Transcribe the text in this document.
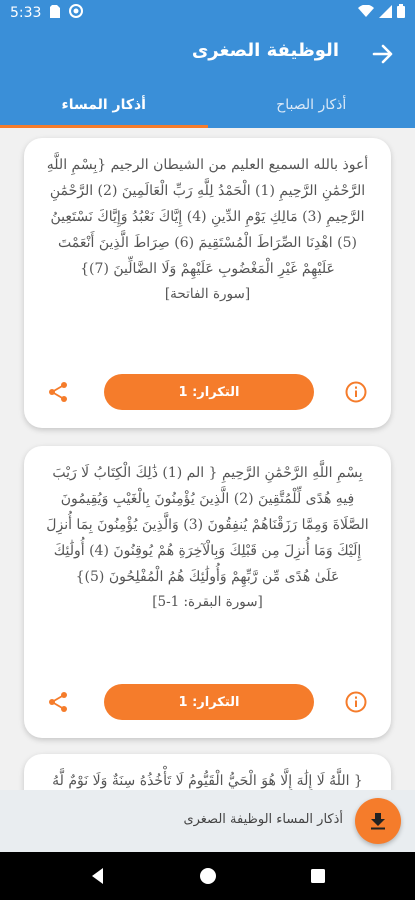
5:33
الوظيفة الصغرى
أذكار الصباح
أذكار المساء
أعوذ بالله السميع العليم من الشيطان الرجيم {بِسْمِ اللَّهِ الرَّحْمَٰنِ الرَّحِيمِ (1) الْحَمْدُ لِلَّهِ رَبِّ الْعَالَمِينَ (2) الرَّحْمَٰنِ الرَّحِيمِ (3) مَالِكِ يَوْمِ الدِّينِ (4) إِيَّاكَ نَعْبُدُ وَإِيَّاكَ نَسْتَعِينُ (5) اهْدِنَا الصِّرَاطَ الْمُسْتَقِيمَ (6) صِرَاطَ الَّذِينَ أَنْعَمْتَ عَلَيْهِمْ غَيْرِ الْمَغْضُوبِ عَلَيْهِمْ وَلَا الضَّالِّينَ (7)}
[سورة الفاتحة]
التكرار: 1
بِسْمِ اللَّهِ الرَّحْمَٰنِ الرَّحِيمِ { الم (1) ذَٰلِكَ الْكِتَابُ لَا رَيْبَ فِيهِ هُدًى لِّلْمُتَّقِينَ (2) الَّذِينَ يُؤْمِنُونَ بِالْغَيْبِ وَيُقِيمُونَ الصَّلَاةَ وَمِمَّا رَزَقْنَاهُمْ يُنفِقُونَ (3) وَالَّذِينَ يُؤْمِنُونَ بِمَا أُنزِلَ إِلَيْكَ وَمَا أُنزِلَ مِن قَبْلِكَ وَبِالْآخِرَةِ هُمْ يُوقِنُونَ (4) أُولَٰئِكَ عَلَىٰ هُدًى مِّن رَّبِّهِمْ وَأُولَٰئِكَ هُمُ الْمُفْلِحُونَ (5)}
[سورة البقرة: 1-5]
التكرار: 1
{ اللَّهُ لَا إِلَٰهَ إِلَّا هُوَ الْحَيُّ الْقَيُّومُ لَا تَأْخُذُهُ سِنَةٌ وَلَا نَوْمٌ لَّهُ
أذكار المساء الوظيفة الصغرى
